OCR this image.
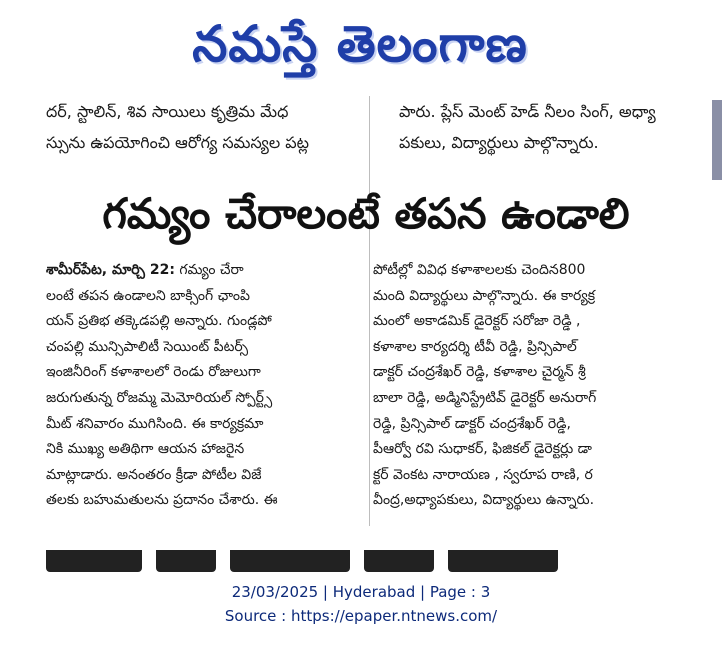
నమస్తే తెలంగాణ
దర్, స్టాలిన్, శివ సాయిలు కృత్రిమ మేధ
స్సును ఉపయోగించి ఆరోగ్య సమస్యల పట్ల
పారు. ప్లేస్ మెంట్ హెడ్ నీలం సింగ్, అధ్యా
పకులు, విద్యార్థులు పాల్గొన్నారు.
గమ్యం చేరాలంటే తపన ఉండాలి
శామీర్‌పేట, మార్చి 22: గమ్యం చేరా
లంటే తపన ఉండాలని బాక్సింగ్ ఛాంపి
యన్ ప్రతిభ తక్కెడపల్లి అన్నారు. గుండ్లపో
చంపల్లి మున్సిపాలిటీ సెయింట్ పీటర్స్
ఇంజినీరింగ్ కళాశాలలో రెండు రోజులుగా
జరుగుతున్న రోజమ్మ మెమోరియల్ స్పోర్ట్స్
మీట్ శనివారం ముగిసింది. ఈ కార్యక్రమా
నికి ముఖ్య అతిథిగా ఆయన హాజరైన
మాట్లాడారు. అనంతరం క్రీడా పోటీల విజే
తలకు బహుమతులను ప్రదానం చేశారు. ఈ
పోటీల్లో వివిధ కళాశాలలకు చెందిన800
మంది విద్యార్థులు పాల్గొన్నారు. ఈ కార్యక్ర
మంలో అకాడమిక్ డైరెక్టర్ సరోజా రెడ్డి ,
కళాశాల కార్యదర్శి టీవీ రెడ్డి, ప్రిన్సిపాల్
డాక్టర్ చంద్రశేఖర్ రెడ్డి, కళాశాల చైర్మన్ శ్రీ
బాలా రెడ్డి, అడ్మినిస్ట్రేటివ్ డైరెక్టర్ అనురాగ్
రెడ్డి, ప్రిన్సిపాల్ డాక్టర్ చంద్రశేఖర్ రెడ్డి,
పీఆర్వో రవి సుధాకర్, ఫిజికల్ డైరెక్టర్లు డా
క్టర్ వెంకట నారాయణ , స్వరూప రాణి, ర
వీంద్ర,అధ్యాపకులు, విద్యార్థులు ఉన్నారు.
23/03/2025 | Hyderabad | Page : 3
Source : https://epaper.ntnews.com/
